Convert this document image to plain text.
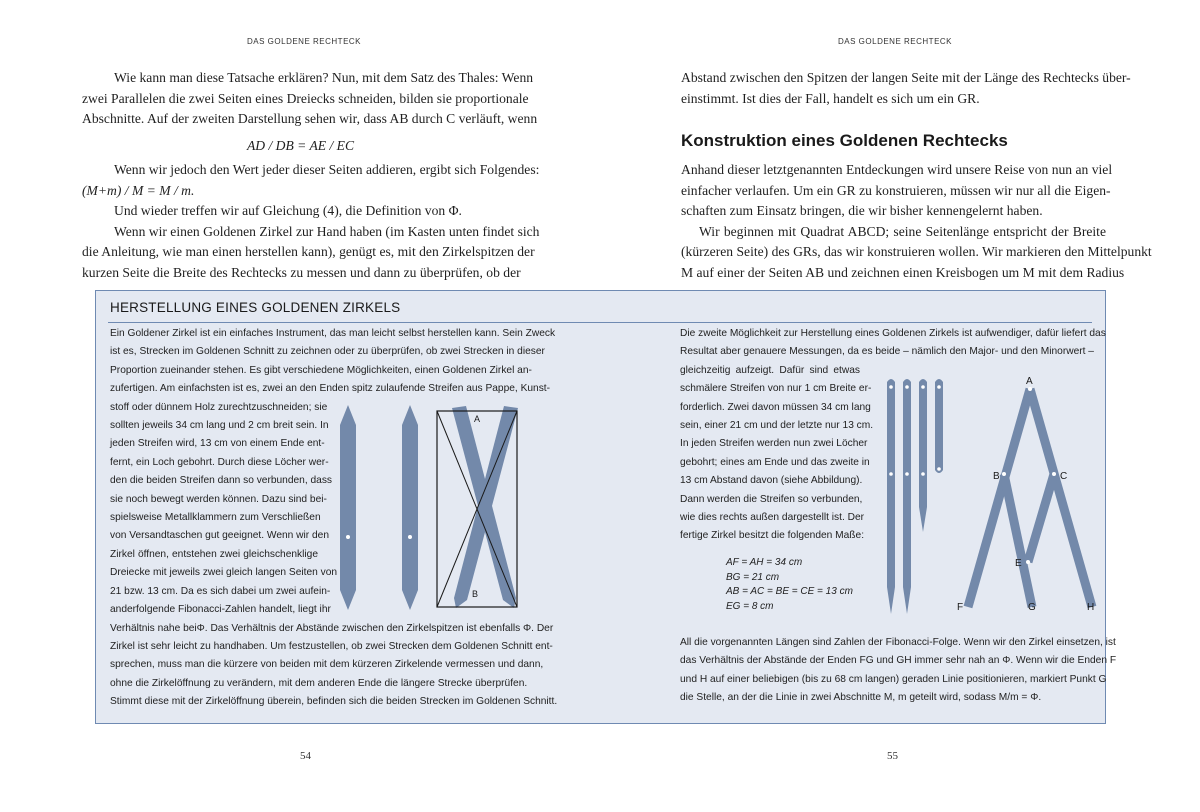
DAS GOLDENE RECHTECK
Wie kann man diese Tatsache erklären? Nun, mit dem Satz des Thales: Wenn
zwei Parallelen die zwei Seiten eines Dreiecks schneiden, bilden sie proportionale
Abschnitte. Auf der zweiten Darstellung sehen wir, dass AB durch C verläuft, wenn
AD / DB = AE / EC
Wenn wir jedoch den Wert jeder dieser Seiten addieren, ergibt sich Folgendes:
(M+m) / M = M / m.
Und wieder treffen wir auf Gleichung (4), die Definition von Φ.
Wenn wir einen Goldenen Zirkel zur Hand haben (im Kasten unten findet sich
die Anleitung, wie man einen herstellen kann), genügt es, mit den Zirkelspitzen der
kurzen Seite die Breite des Rechtecks zu messen und dann zu überprüfen, ob der
DAS GOLDENE RECHTECK
Abstand zwischen den Spitzen der langen Seite mit der Länge des Rechtecks über-
einstimmt. Ist dies der Fall, handelt es sich um ein GR.
Konstruktion eines Goldenen Rechtecks
Anhand dieser letztgenannten Entdeckungen wird unsere Reise von nun an viel
einfacher verlaufen. Um ein GR zu konstruieren, müssen wir nur all die Eigen-
schaften zum Einsatz bringen, die wir bisher kennengelernt haben.
Wir beginnen mit Quadrat ABCD; seine Seitenlänge entspricht der Breite
(kürzeren Seite) des GRs, das wir konstruieren wollen. Wir markieren den Mittelpunkt
M auf einer der Seiten AB und zeichnen einen Kreisbogen um M mit dem Radius
HERSTELLUNG EINES GOLDENEN ZIRKELS
Ein Goldener Zirkel ist ein einfaches Instrument, das man leicht selbst herstellen kann. Sein Zweck
ist es, Strecken im Goldenen Schnitt zu zeichnen oder zu überprüfen, ob zwei Strecken in dieser
Proportion zueinander stehen. Es gibt verschiedene Möglichkeiten, einen Goldenen Zirkel an-
zufertigen. Am einfachsten ist es, zwei an den Enden spitz zulaufende Streifen aus Pappe, Kunst-
stoff oder dünnem Holz zurechtzuschneiden; sie
sollten jeweils 34 cm lang und 2 cm breit sein. In
jeden Streifen wird, 13 cm von einem Ende ent-
fernt, ein Loch gebohrt. Durch diese Löcher wer-
den die beiden Streifen dann so verbunden, dass
sie noch bewegt werden können. Dazu sind bei-
spielsweise Metallklammern zum Verschließen
von Versandtaschen gut geeignet. Wenn wir den
Zirkel öffnen, entstehen zwei gleichschenklige
Dreiecke mit jeweils zwei gleich langen Seiten von
21 bzw. 13 cm. Da es sich dabei um zwei aufein-
anderfolgende Fibonacci-Zahlen handelt, liegt ihr
Verhältnis nahe beiΦ. Das Verhältnis der Abstände zwischen den Zirkelspitzen ist ebenfalls Φ. Der
Zirkel ist sehr leicht zu handhaben. Um festzustellen, ob zwei Strecken dem Goldenen Schnitt ent-
sprechen, muss man die kürzere von beiden mit dem kürzeren Zirkelende vermessen und dann,
ohne die Zirkelöffnung zu verändern, mit dem anderen Ende die längere Strecke überprüfen.
Stimmt diese mit der Zirkelöffnung überein, befinden sich die beiden Strecken im Goldenen Schnitt.
A
B
Die zweite Möglichkeit zur Herstellung eines Goldenen Zirkels ist aufwendiger, dafür liefert das
Resultat aber genauere Messungen, da es beide – nämlich den Major- und den Minorwert –
gleichzeitig aufzeigt. Dafür sind etwas
schmälere Streifen von nur 1 cm Breite er-
forderlich. Zwei davon müssen 34 cm lang
sein, einer 21 cm und der letzte nur 13 cm.
In jeden Streifen werden nun zwei Löcher
gebohrt; eines am Ende und das zweite in
13 cm Abstand davon (siehe Abbildung).
Dann werden die Streifen so verbunden,
wie dies rechts außen dargestellt ist. Der
fertige Zirkel besitzt die folgenden Maße:
AF = AH = 34 cm
BG = 21 cm
AB = AC = BE = CE = 13 cm
EG = 8 cm
All die vorgenannten Längen sind Zahlen der Fibonacci-Folge. Wenn wir den Zirkel einsetzen, ist
das Verhältnis der Abstände der Enden FG und GH immer sehr nah an Φ. Wenn wir die Enden F
und H auf einer beliebigen (bis zu 68 cm langen) geraden Linie positionieren, markiert Punkt G
die Stelle, an der die Linie in zwei Abschnitte M, m geteilt wird, sodass M/m = Φ.
A
B	C
E
F	G	H
54	55
